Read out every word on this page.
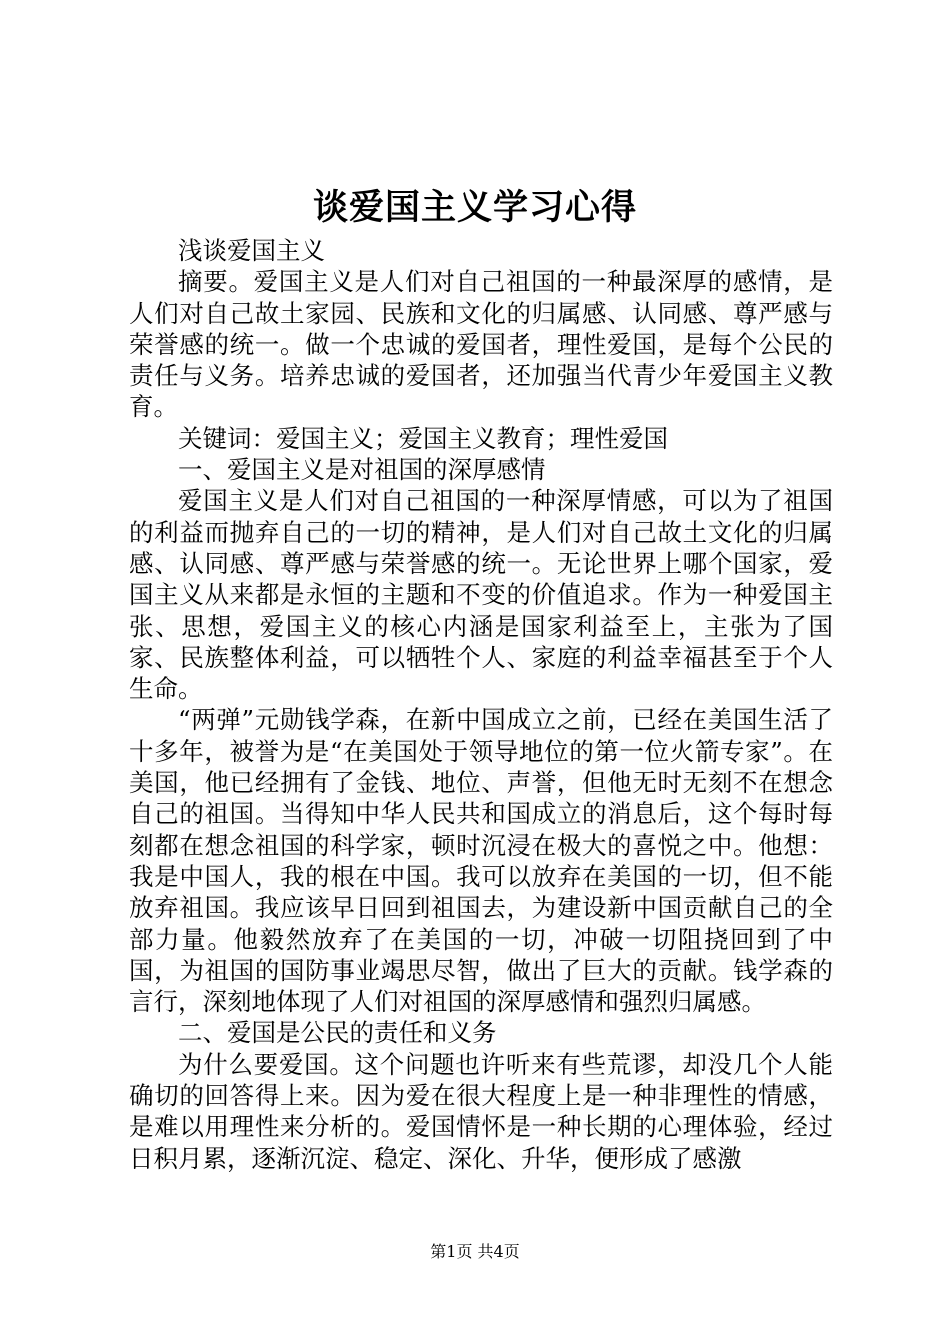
谈爱国主义学习心得

浅谈爱国主义

摘要。爱国主义是人们对自己祖国的一种最深厚的感情，是人们对自己故土家园、民族和文化的归属感、认同感、尊严感与荣誉感的统一。做一个忠诚的爱国者，理性爱国，是每个公民的责任与义务。培养忠诚的爱国者，还加强当代青少年爱国主义教育。

关键词：爱国主义；爱国主义教育；理性爱国

一、爱国主义是对祖国的深厚感情

爱国主义是人们对自己祖国的一种深厚情感，可以为了祖国的利益而抛弃自己的一切的精神，是人们对自己故土文化的归属感、认同感、尊严感与荣誉感的统一。无论世界上哪个国家，爱国主义从来都是永恒的主题和不变的价值追求。作为一种爱国主张、思想，爱国主义的核心内涵是国家利益至上，主张为了国家、民族整体利益，可以牺牲个人、家庭的利益幸福甚至于个人生命。

“两弹”元勋钱学森，在新中国成立之前，已经在美国生活了十多年，被誉为是“在美国处于领导地位的第一位火箭专家”。在美国，他已经拥有了金钱、地位、声誉，但他无时无刻不在想念自己的祖国。当得知中华人民共和国成立的消息后，这个每时每刻都在想念祖国的科学家，顿时沉浸在极大的喜悦之中。他想：我是中国人，我的根在中国。我可以放弃在美国的一切，但不能放弃祖国。我应该早日回到祖国去，为建设新中国贡献自己的全部力量。他毅然放弃了在美国的一切，冲破一切阻挠回到了中国，为祖国的国防事业竭思尽智，做出了巨大的贡献。钱学森的言行，深刻地体现了人们对祖国的深厚感情和强烈归属感。

二、爱国是公民的责任和义务

为什么要爱国。这个问题也许听来有些荒谬，却没几个人能确切的回答得上来。因为爱在很大程度上是一种非理性的情感，是难以用理性来分析的。爱国情怀是一种长期的心理体验，经过日积月累，逐渐沉淀、稳定、深化、升华，便形成了感激

第1页 共4页
